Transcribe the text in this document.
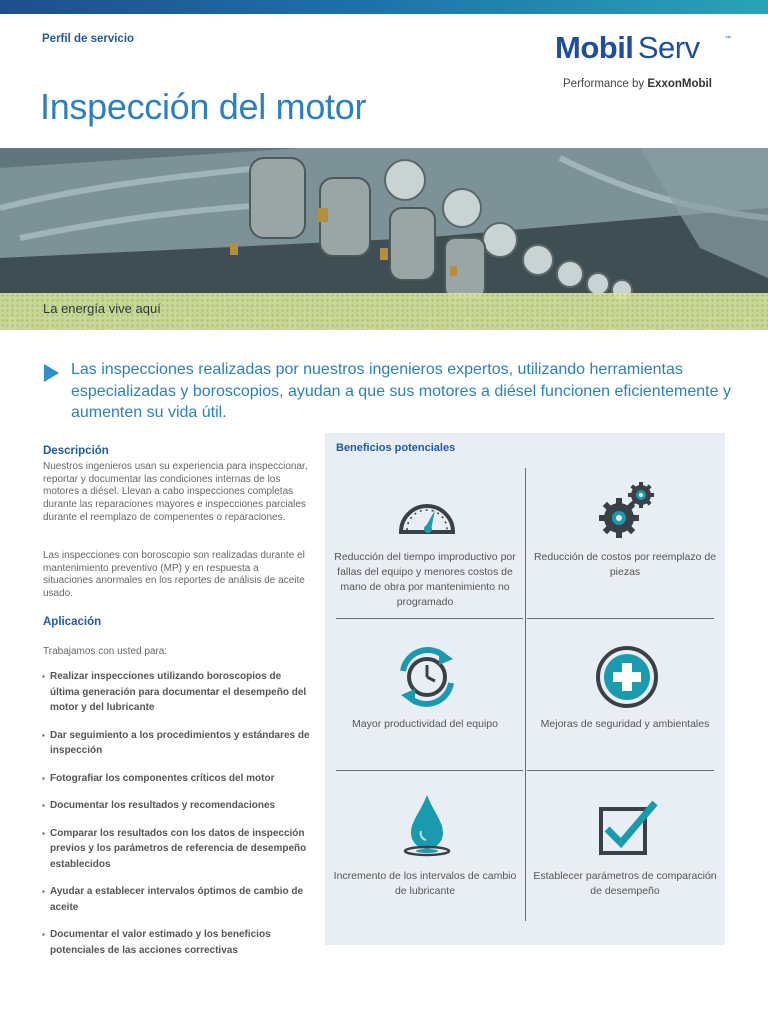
Perfil de servicio
Inspección del motor
Mobil Serv	™
Performance by ExxonMobil
La energía vive aquí

Las inspecciones realizadas por nuestros ingenieros expertos, utilizando herramientas especializadas y boroscopios, ayudan a que sus motores a diésel funcionen eficientemente y aumenten su vida útil.

Descripción

Nuestros ingenieros usan su experiencia para inspeccionar, reportar y documentar las condiciones internas de los motores a diésel. Llevan a cabo inspecciones completas durante las reparaciones mayores e inspecciones parciales durante el reemplazo de compenentes o reparaciones.

Las inspecciones con boroscopio son realizadas durante el mantenimiento preventivo (MP) y en respuesta a situaciones anormales en los reportes de análisis de aceite usado.

Aplicación

Trabajamos con usted para:

▪ Realizar inspecciones utilizando boroscopios de última generación para documentar el desempeño del motor y del lubricante
▪ Dar seguimiento a los procedimientos y estándares de inspección
▪ Fotografiar los componentes críticos del motor
▪ Documentar los resultados y recomendaciones
▪ Comparar los resultados con los datos de inspección previos y los parámetros de referencia de desempeño establecidos
▪ Ayudar a establecer intervalos óptimos de cambio de aceite
▪ Documentar el valor estimado y los beneficios potenciales de las acciones correctivas
Beneficios potenciales
Reducción del tiempo improductivo por fallas del equipo y menores costos de mano de obra por mantenimiento no programado
Reducción de costos por reemplazo de piezas
Mayor productividad del equipo	Mejoras de seguridad y ambientales
Incremento de los intervalos de cambio de lubricante
Establecer parámetros de comparación de desempeño
